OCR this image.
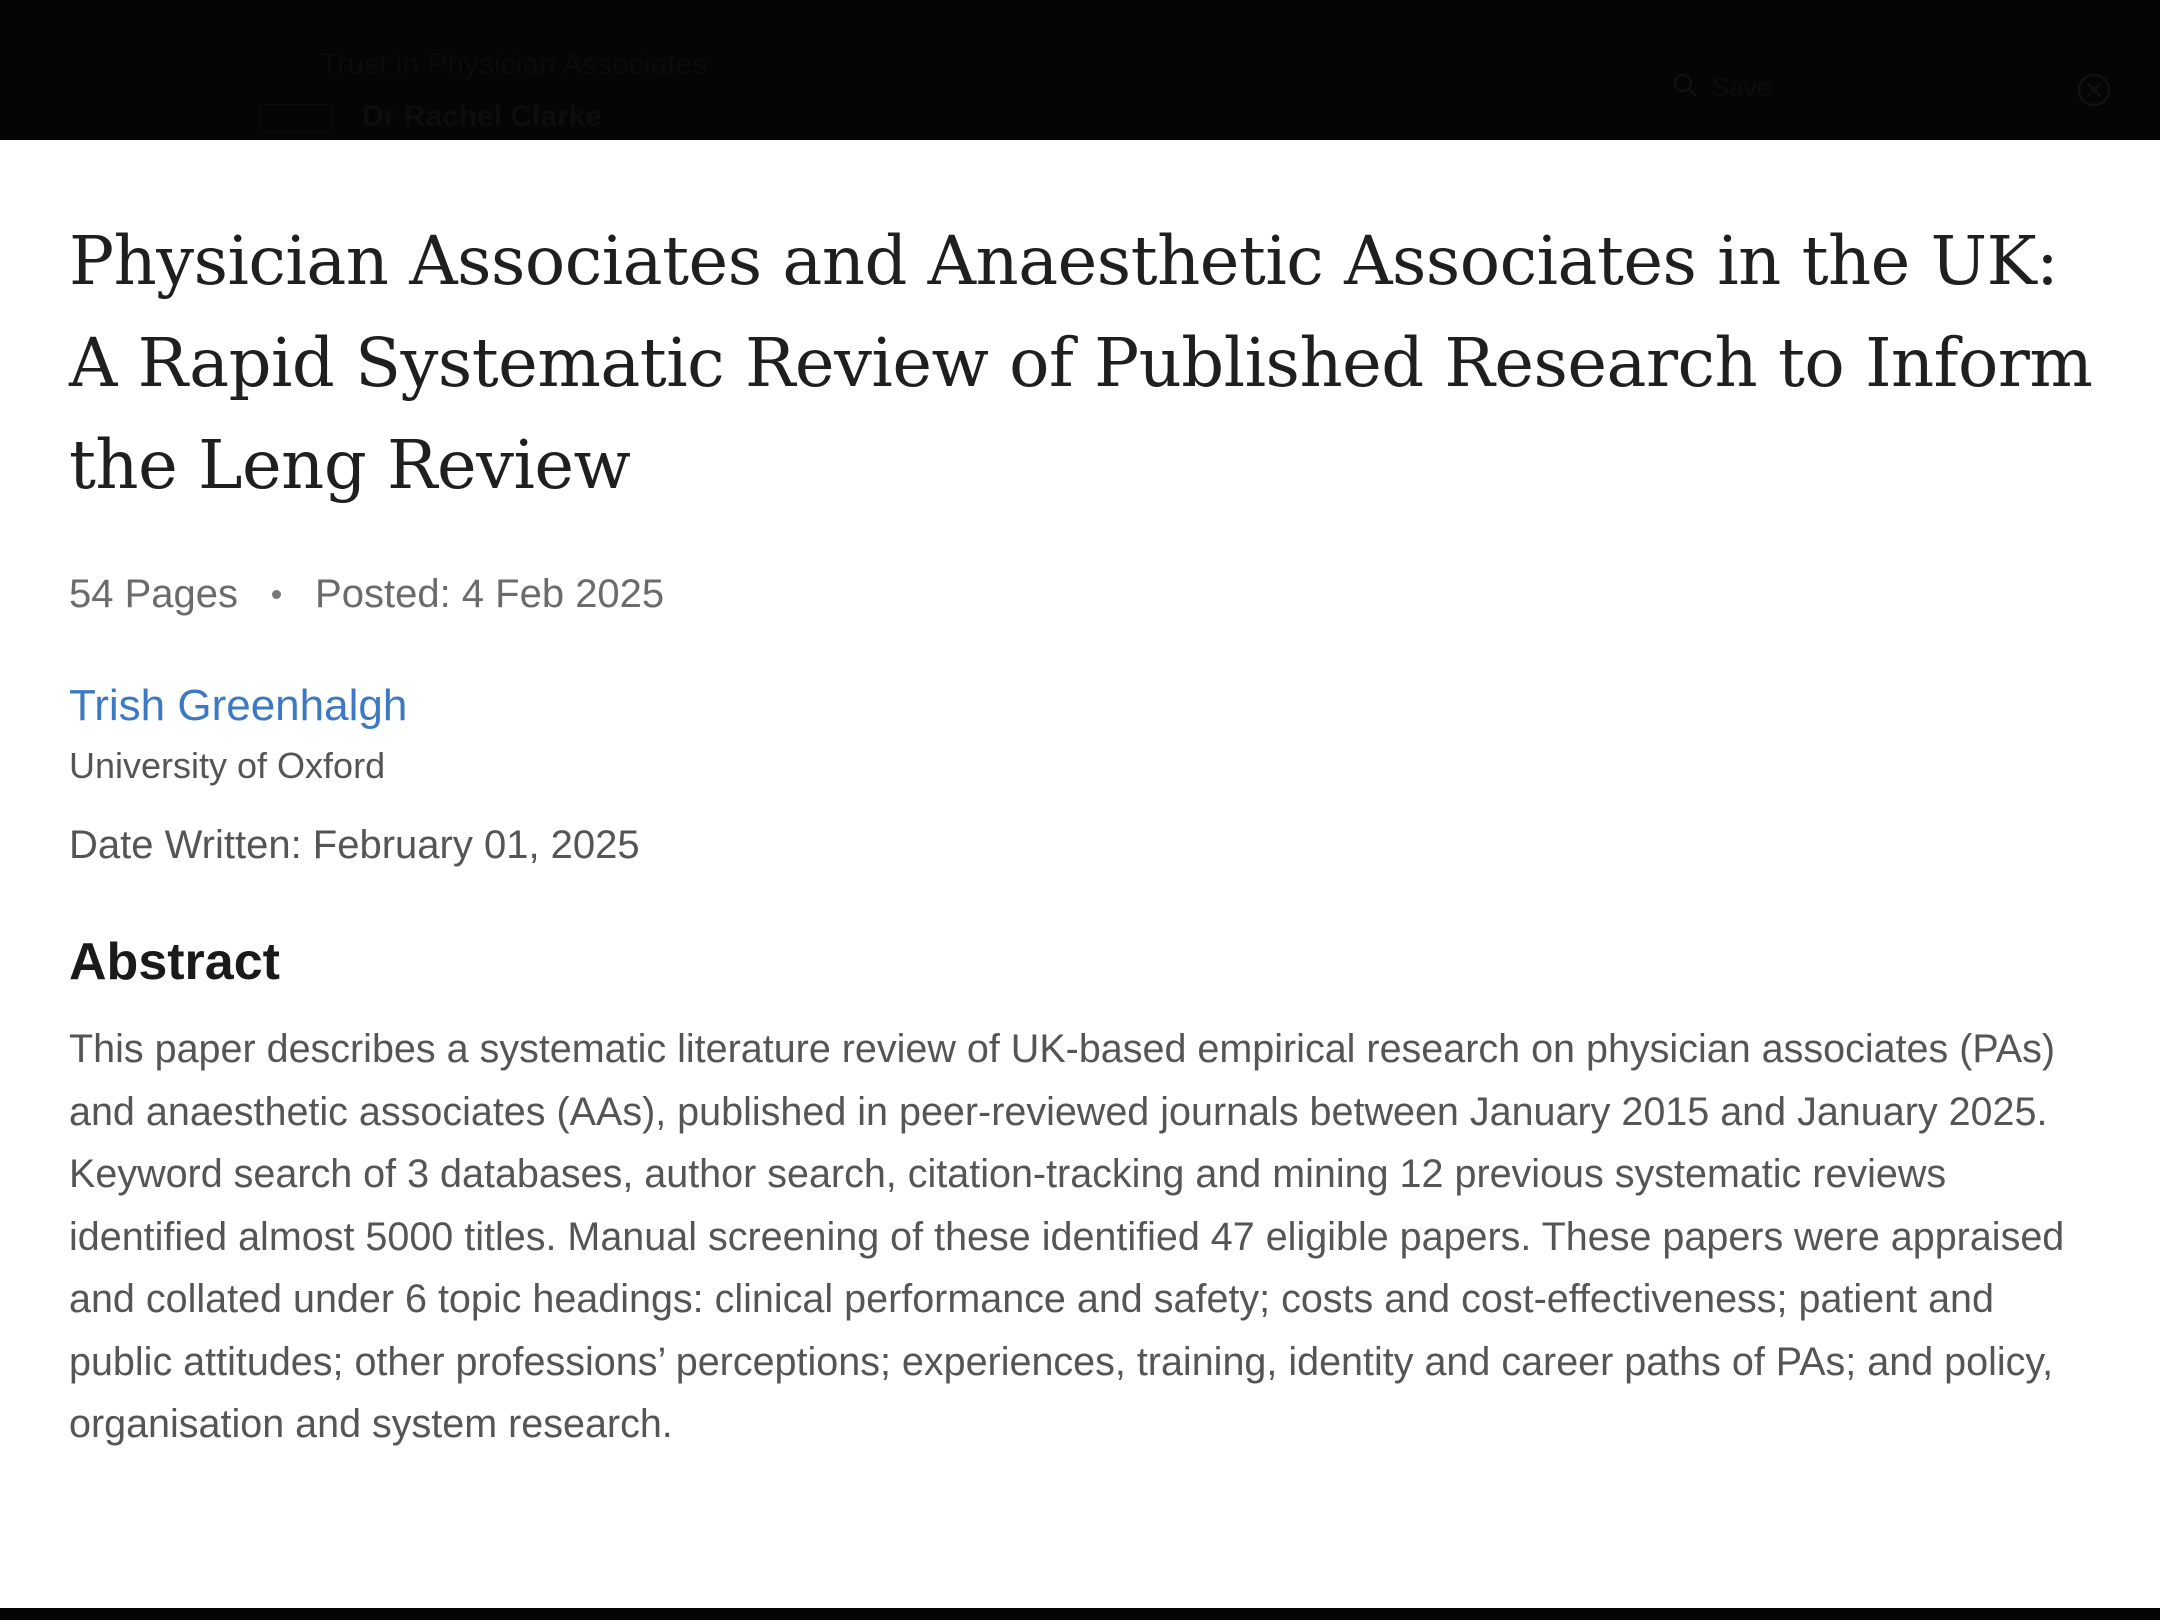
Trust in Physician Associates
Dr Rachel Clarke
Save
Physician Associates and Anaesthetic Associates in the UK: A Rapid Systematic Review of Published Research to Inform the Leng Review
54 Pages Posted: 4 Feb 2025
Trish Greenhalgh
University of Oxford
Date Written: February 01, 2025
Abstract
This paper describes a systematic literature review of UK-based empirical research on physician associates (PAs) and anaesthetic associates (AAs), published in peer-reviewed journals between January 2015 and January 2025. Keyword search of 3 databases, author search, citation-tracking and mining 12 previous systematic reviews identified almost 5000 titles. Manual screening of these identified 47 eligible papers. These papers were appraised and collated under 6 topic headings: clinical performance and safety; costs and cost-effectiveness; patient and public attitudes; other professions’ perceptions; experiences, training, identity and career paths of PAs; and policy, organisation and system research.
